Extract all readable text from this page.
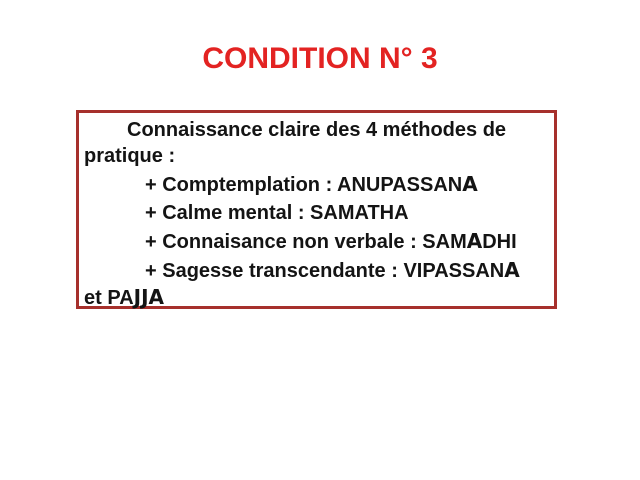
CONDITION N° 3

Connaissance claire des 4 méthodes de
pratique :

+ Comptemplation : ANUPASSANA

+ Calme mental : SAMATHA

+ Connaisance non verbale : SAMADHI

+ Sagesse transcendante : VIPASSANA
et PAJJA
